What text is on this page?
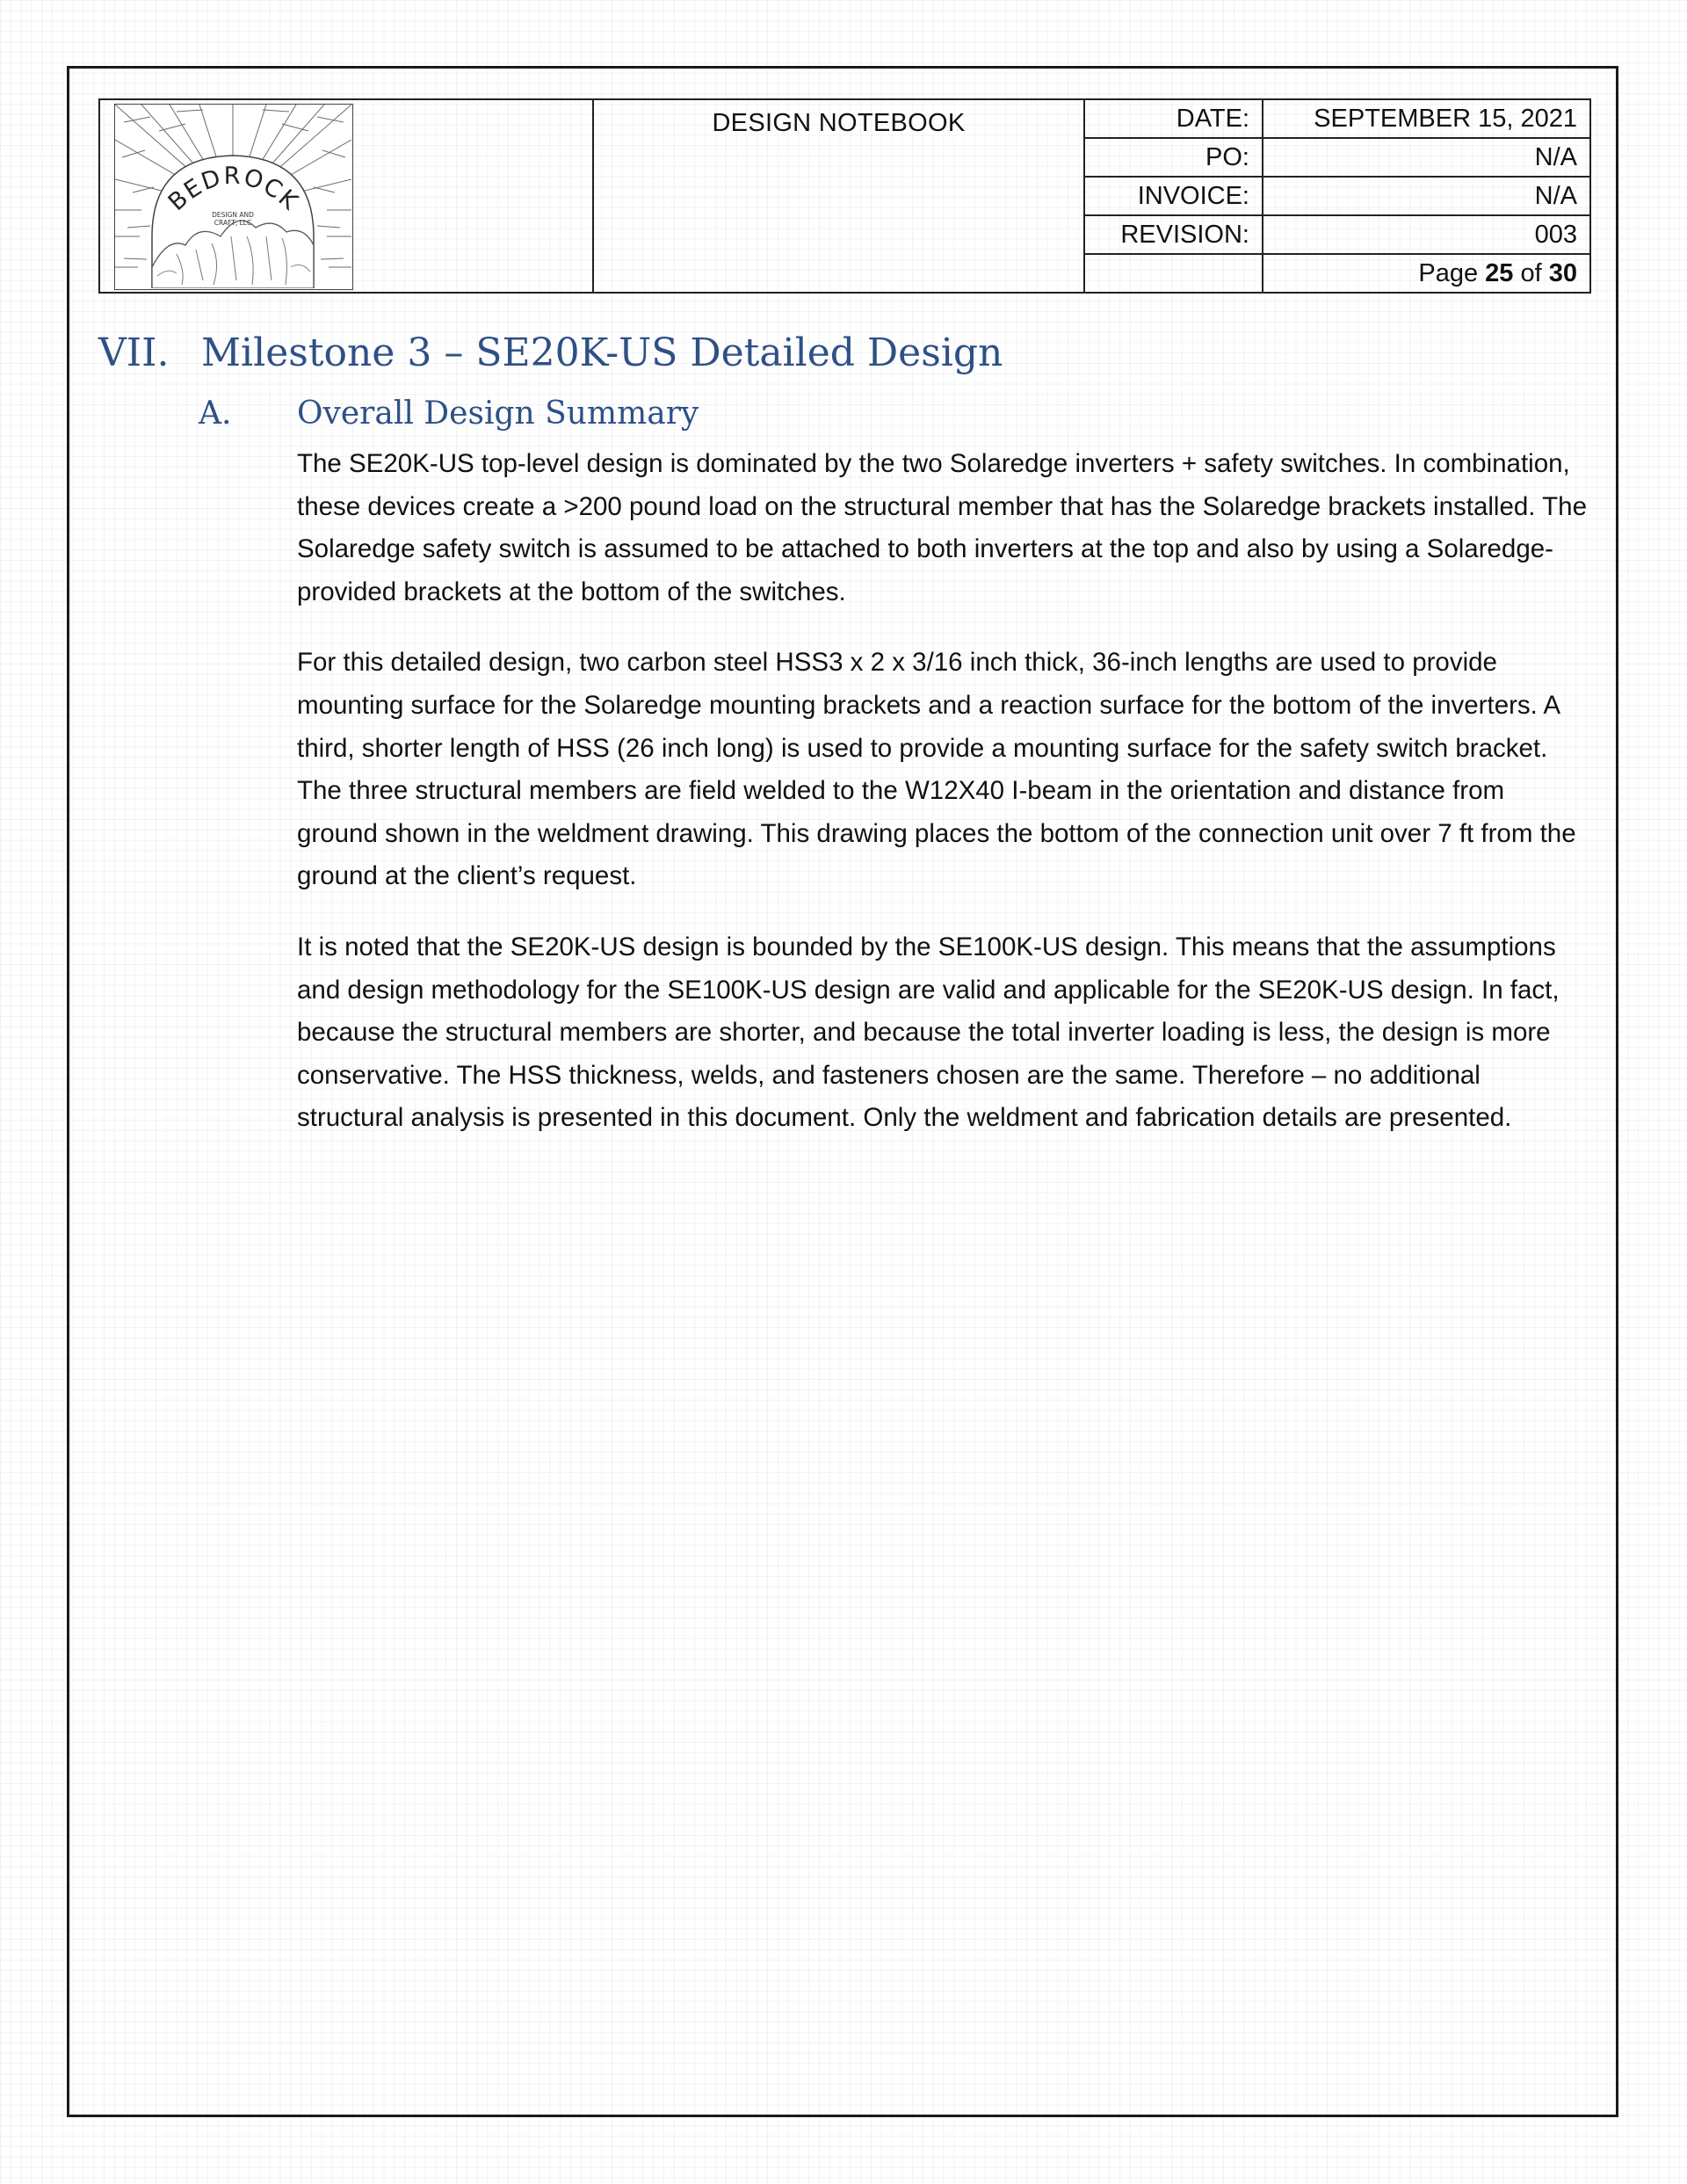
BEDROCK
DESIGN AND
CRAFT, LLC
DESIGN NOTEBOOK	DATE:	SEPTEMBER 15, 2021
PO:	N/A
INVOICE:	N/A
REVISION:	003
	Page 25 of 30
VII. Milestone 3 – SE20K-US Detailed Design
A. Overall Design Summary

The SE20K-US top-level design is dominated by the two Solaredge inverters + safety switches. In combination, these devices create a >200 pound load on the structural member that has the Solaredge brackets installed. The Solaredge safety switch is assumed to be attached to both inverters at the top and also by using a Solaredge-provided brackets at the bottom of the switches.

For this detailed design, two carbon steel HSS3 x 2 x 3/16 inch thick, 36-inch lengths are used to provide mounting surface for the Solaredge mounting brackets and a reaction surface for the bottom of the inverters. A third, shorter length of HSS (26 inch long) is used to provide a mounting surface for the safety switch bracket. The three structural members are field welded to the W12X40 I-beam in the orientation and distance from ground shown in the weldment drawing. This drawing places the bottom of the connection unit over 7 ft from the ground at the client’s request.

It is noted that the SE20K-US design is bounded by the SE100K-US design. This means that the assumptions and design methodology for the SE100K-US design are valid and applicable for the SE20K-US design. In fact, because the structural members are shorter, and because the total inverter loading is less, the design is more conservative. The HSS thickness, welds, and fasteners chosen are the same. Therefore – no additional structural analysis is presented in this document. Only the weldment and fabrication details are presented.
